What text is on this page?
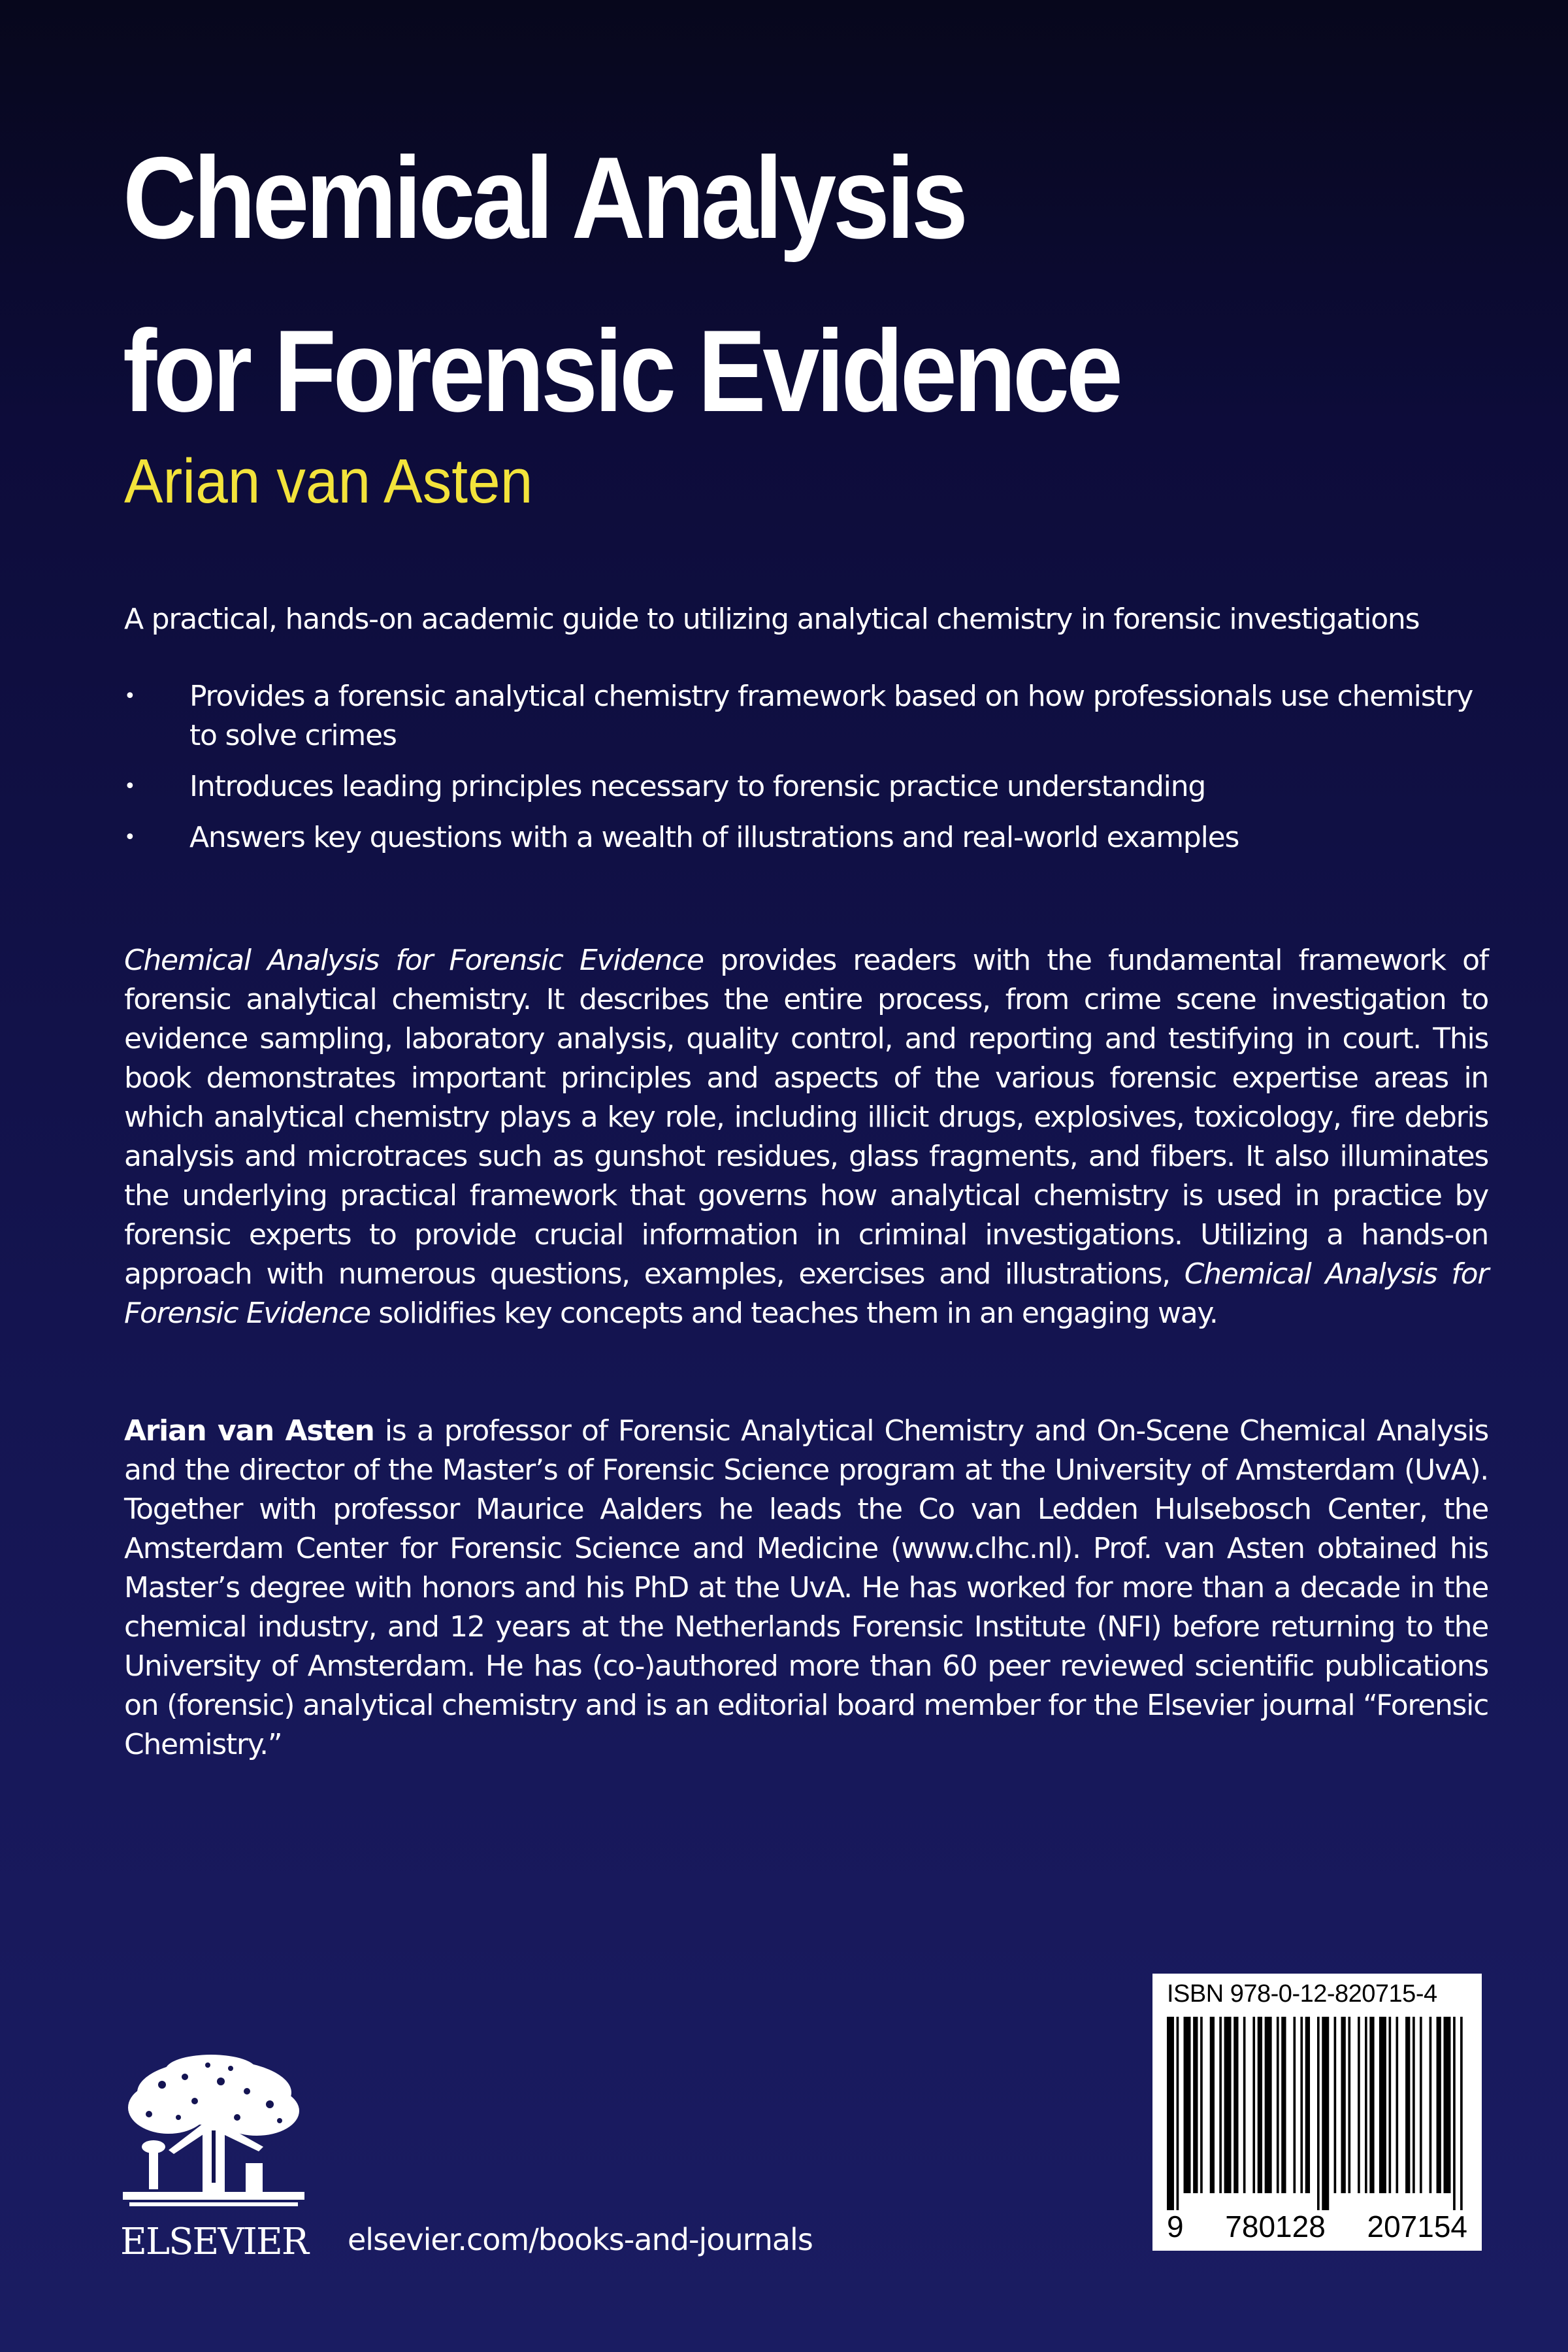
Chemical Analysis
for Forensic Evidence

Arian van Asten

A practical, hands-on academic guide to utilizing analytical chemistry in forensic investigations

• Provides a forensic analytical chemistry framework based on how professionals use chemistry to solve crimes
• Introduces leading principles necessary to forensic practice understanding
• Answers key questions with a wealth of illustrations and real-world examples

Chemical Analysis for Forensic Evidence provides readers with the fundamental framework of forensic analytical chemistry. It describes the entire process, from crime scene investigation to evidence sampling, laboratory analysis, quality control, and reporting and testifying in court. This book demonstrates important principles and aspects of the various forensic expertise areas in which analytical chemistry plays a key role, including illicit drugs, explosives, toxicology, fire debris analysis and microtraces such as gunshot residues, glass fragments, and fibers. It also illuminates the underlying practical framework that governs how analytical chemistry is used in practice by forensic experts to provide crucial information in criminal investigations. Utilizing a hands-on approach with numerous questions, examples, exercises and illustrations, Chemical Analysis for Forensic Evidence solidifies key concepts and teaches them in an engaging way.

Arian van Asten is a professor of Forensic Analytical Chemistry and On-Scene Chemical Analysis and the director of the Master’s of Forensic Science program at the University of Amsterdam (UvA). Together with professor Maurice Aalders he leads the Co van Ledden Hulsebosch Center, the Amsterdam Center for Forensic Science and Medicine (www.clhc.nl). Prof. van Asten obtained his Master’s degree with honors and his PhD at the UvA. He has worked for more than a decade in the chemical industry, and 12 years at the Netherlands Forensic Institute (NFI) before returning to the University of Amsterdam. He has (co-)authored more than 60 peer reviewed scientific publications on (forensic) analytical chemistry and is an editorial board member for the Elsevier journal “Forensic Chemistry.”

ELSEVIER elsevier.com/books-and-journals

ISBN 978-0-12-820715-4

9 780128 207154
